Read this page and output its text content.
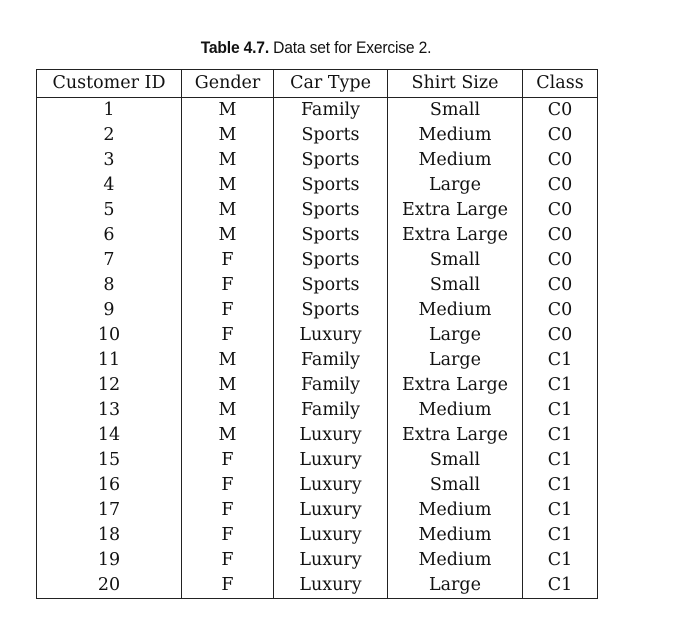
Table 4.7. Data set for Exercise 2.
Customer ID	Gender	Car Type	Shirt Size	Class
1	M	Family	Small	C0
2	M	Sports	Medium	C0
3	M	Sports	Medium	C0
4	M	Sports	Large	C0
5	M	Sports	Extra Large	C0
6	M	Sports	Extra Large	C0
7	F	Sports	Small	C0
8	F	Sports	Small	C0
9	F	Sports	Medium	C0
10	F	Luxury	Large	C0
11	M	Family	Large	C1
12	M	Family	Extra Large	C1
13	M	Family	Medium	C1
14	M	Luxury	Extra Large	C1
15	F	Luxury	Small	C1
16	F	Luxury	Small	C1
17	F	Luxury	Medium	C1
18	F	Luxury	Medium	C1
19	F	Luxury	Medium	C1
20	F	Luxury	Large	C1
